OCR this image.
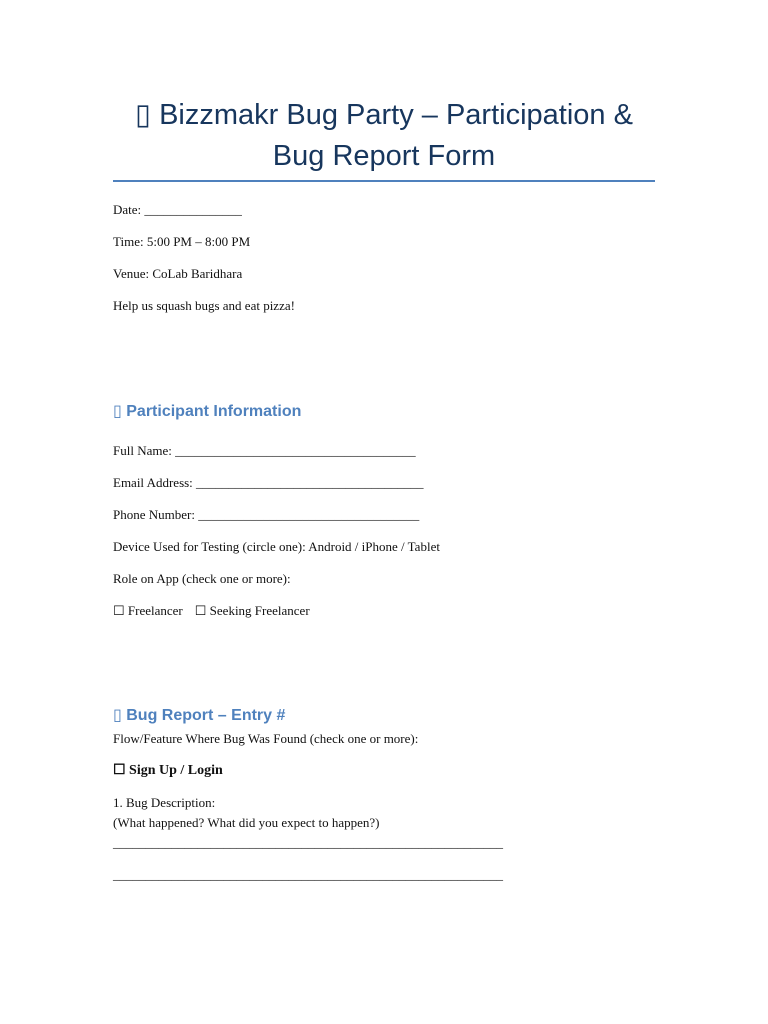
▯ Bizzmakr Bug Party – Participation &
Bug Report Form
Date: _______________
Time: 5:00 PM – 8:00 PM
Venue: CoLab Baridhara
Help us squash bugs and eat pizza!
▯ Participant Information
Full Name: _____________________________________
Email Address: ___________________________________
Phone Number: __________________________________
Device Used for Testing (circle one): Android / iPhone / Tablet
Role on App (check one or more):
☐ Freelancer ☐ Seeking Freelancer
▯ Bug Report – Entry #
Flow/Feature Where Bug Was Found (check one or more):
☐ Sign Up / Login
1. Bug Description:
(What happened? What did you expect to happen?)
____________________________________________________________
____________________________________________________________
